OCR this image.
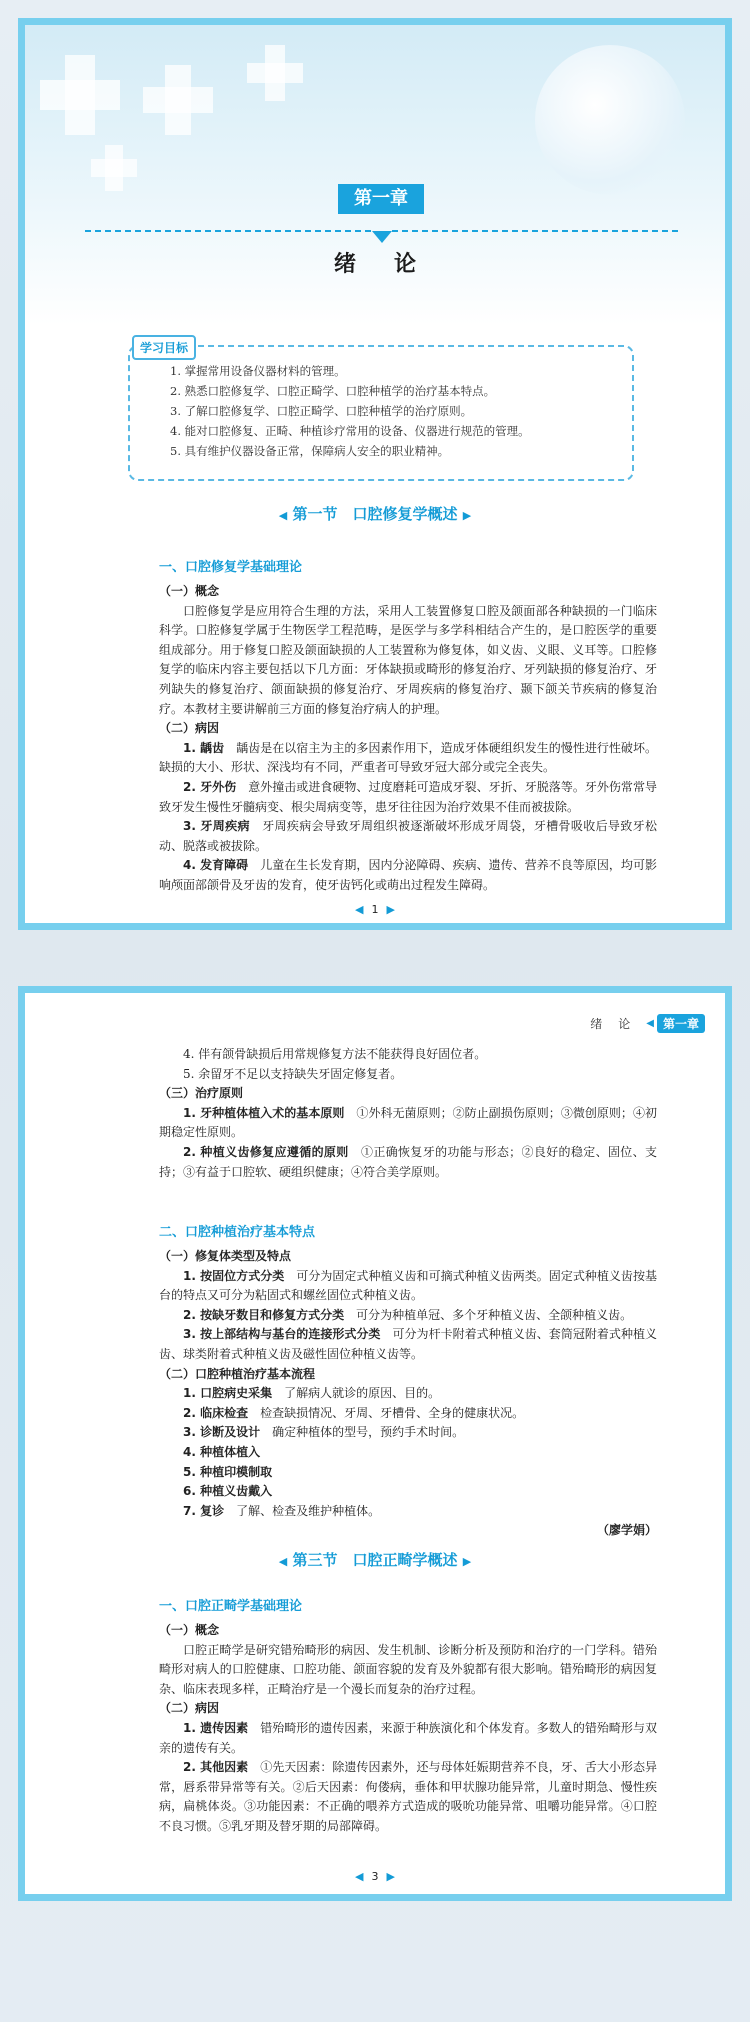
第一章
绪论
学习目标
1. 掌握常用设备仪器材料的管理。
2. 熟悉口腔修复学、口腔正畸学、口腔种植学的治疗基本特点。
3. 了解口腔修复学、口腔正畸学、口腔种植学的治疗原则。
4. 能对口腔修复、正畸、种植诊疗常用的设备、仪器进行规范的管理。
5. 具有维护仪器设备正常，保障病人安全的职业精神。
◀ 第一节　口腔修复学概述 ▶
一、口腔修复学基础理论

（一）概念

口腔修复学是应用符合生理的方法，采用人工装置修复口腔及颌面部各种缺损的一门临床科学。口腔修复学属于生物医学工程范畴，是医学与多学科相结合产生的，是口腔医学的重要组成部分。用于修复口腔及颌面缺损的人工装置称为修复体，如义齿、义眼、义耳等。口腔修复学的临床内容主要包括以下几方面：牙体缺损或畸形的修复治疗、牙列缺损的修复治疗、牙列缺失的修复治疗、颌面缺损的修复治疗、牙周疾病的修复治疗、颞下颌关节疾病的修复治疗。本教材主要讲解前三方面的修复治疗病人的护理。

（二）病因

1. 龋齿　 龋齿是在以宿主为主的多因素作用下，造成牙体硬组织发生的慢性进行性破坏。缺损的大小、形状、深浅均有不同，严重者可导致牙冠大部分或完全丧失。

2. 牙外伤　 意外撞击或进食硬物、过度磨耗可造成牙裂、牙折、牙脱落等。牙外伤常常导致牙发生慢性牙髓病变、根尖周病变等，患牙往往因为治疗效果不佳而被拔除。

3. 牙周疾病　 牙周疾病会导致牙周组织被逐渐破坏形成牙周袋，牙槽骨吸收后导致牙松动、脱落或被拔除。

4. 发育障碍　 儿童在生长发育期，因内分泌障碍、疾病、遗传、营养不良等原因，均可影响颅面部颌骨及牙齿的发育，使牙齿钙化或萌出过程发生障碍。

◀ 1 ▶
绪论 ◀ 第一章

4. 伴有颌骨缺损后用常规修复方法不能获得良好固位者。

5. 余留牙不足以支持缺失牙固定修复者。

（三）治疗原则

1. 牙种植体植入术的基本原则　 ①外科无菌原则；②防止副损伤原则；③微创原则；④初期稳定性原则。

2. 种植义齿修复应遵循的原则　 ①正确恢复牙的功能与形态；②良好的稳定、固位、支持；③有益于口腔软、硬组织健康；④符合美学原则。

二、口腔种植治疗基本特点

（一）修复体类型及特点

1. 按固位方式分类　 可分为固定式种植义齿和可摘式种植义齿两类。固定式种植义齿按基台的特点又可分为粘固式和螺丝固位式种植义齿。

2. 按缺牙数目和修复方式分类　 可分为种植单冠、多个牙种植义齿、全颌种植义齿。

3. 按上部结构与基台的连接形式分类　 可分为杆卡附着式种植义齿、套筒冠附着式种植义齿、球类附着式种植义齿及磁性固位种植义齿等。

（二）口腔种植治疗基本流程

1. 口腔病史采集　 了解病人就诊的原因、目的。

2. 临床检查　 检查缺损情况、牙周、牙槽骨、全身的健康状况。

3. 诊断及设计　 确定种植体的型号，预约手术时间。

4. 种植体植入

5. 种植印模制取

6. 种植义齿戴入

7. 复诊　 了解、检查及维护种植体。

（廖学娟）

◀ 第三节　口腔正畸学概述 ▶
一、口腔正畸学基础理论

（一）概念

口腔正畸学是研究错殆畸形的病因、发生机制、诊断分析及预防和治疗的一门学科。错殆畸形对病人的口腔健康、口腔功能、颌面容貌的发育及外貌都有很大影响。错殆畸形的病因复杂、临床表现多样，正畸治疗是一个漫长而复杂的治疗过程。

（二）病因

1. 遗传因素　 错殆畸形的遗传因素，来源于种族演化和个体发育。多数人的错殆畸形与双亲的遗传有关。

2. 其他因素　 ①先天因素：除遗传因素外，还与母体妊娠期营养不良，牙、舌大小形态异常，唇系带异常等有关。②后天因素：佝偻病，垂体和甲状腺功能异常，儿童时期急、慢性疾病，扁桃体炎。③功能因素：不正确的喂养方式造成的吸吮功能异常、咀嚼功能异常。④口腔不良习惯。⑤乳牙期及替牙期的局部障碍。

◀ 3 ▶
